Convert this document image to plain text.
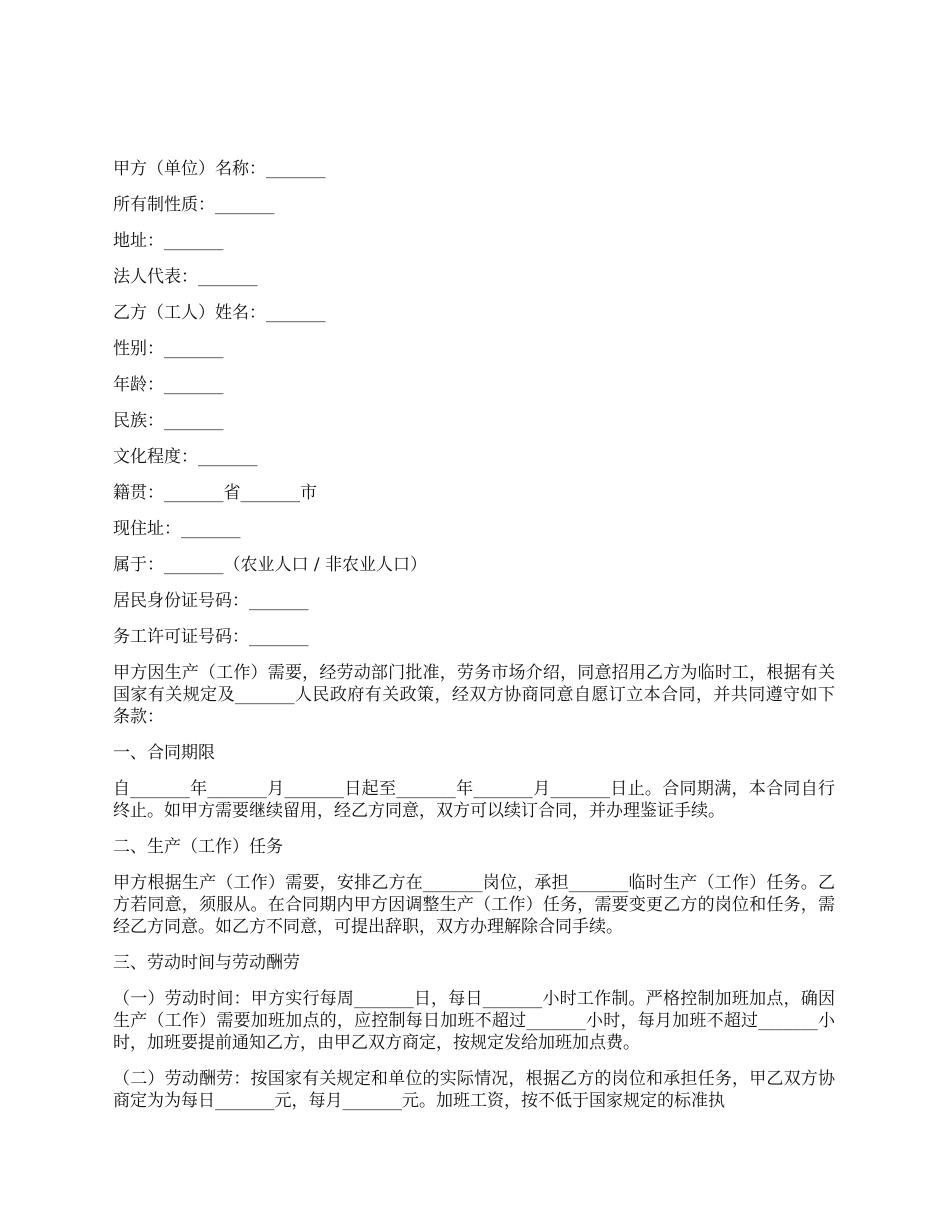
甲方（单位）名称：_______
所有制性质：_______
地址：_______
法人代表：_______
乙方（工人）姓名：_______
性别：_______
年龄：_______
民族：_______
文化程度：_______
籍贯：_______省_______市
现住址：_______
属于：_______（农业人口 / 非农业人口）
居民身份证号码：_______
务工许可证号码：_______
甲方因生产（工作）需要，经劳动部门批准，劳务市场介绍，同意招用乙方为临时工，根据有关国家有关规定及_______人民政府有关政策，经双方协商同意自愿订立本合同，并共同遵守如下条款：
一、合同期限
自_______年_______月_______日起至_______年_______月_______日止。合同期满，本合同自行终止。如甲方需要继续留用，经乙方同意，双方可以续订合同，并办理鉴证手续。
二、生产（工作）任务
甲方根据生产（工作）需要，安排乙方在_______岗位，承担_______临时生产（工作）任务。乙方若同意，须服从。在合同期内甲方因调整生产（工作）任务，需要变更乙方的岗位和任务，需经乙方同意。如乙方不同意，可提出辞职，双方办理解除合同手续。
三、劳动时间与劳动酬劳
（一）劳动时间：甲方实行每周_______日，每日_______小时工作制。严格控制加班加点，确因生产（工作）需要加班加点的，应控制每日加班不超过_______小时，每月加班不超过_______小时，加班要提前通知乙方，由甲乙双方商定，按规定发给加班加点费。
（二）劳动酬劳：按国家有关规定和单位的实际情况，根据乙方的岗位和承担任务，甲乙双方协商定为为每日_______元，每月_______元。加班工资，按不低于国家规定的标准执
